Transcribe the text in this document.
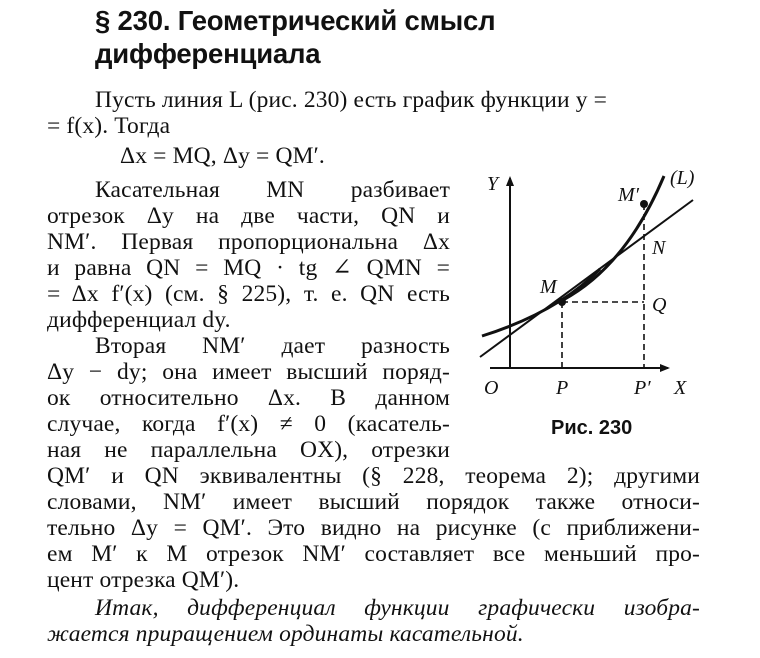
§ 230. Геометрический смысл
дифференциала
Пусть линия L (рис. 230) есть график функции y =
= f(x). Тогда
Δx = MQ, Δy = QM′.
Касательная MN разбивает
отрезок Δy на две части, QN и
NM′. Первая пропорциональна Δx
и равна QN = MQ · tg ∠ QMN =
= Δx f′(x) (см. § 225), т. е. QN есть
дифференциал dy.
Вторая NM′ дает разность
Δy − dy; она имеет высший поряд-
ок относительно Δx. В данном
случае, когда f′(x) ≠ 0 (касатель-
ная не параллельна OX), отрезки
QM′ и QN эквивалентны (§ 228, теорема 2); другими
словами, NM′ имеет высший порядок также относи-
тельно Δy = QM′. Это видно на рисунке (с приближени-
ем M′ к M отрезок NM′ составляет все меньший про-
цент отрезка QM′).
Итак, дифференциал функции графически изобра-
жается приращением ординаты касательной.
Y
X
O
(L)
M′
N
M
Q
P	P′
Рис. 230
